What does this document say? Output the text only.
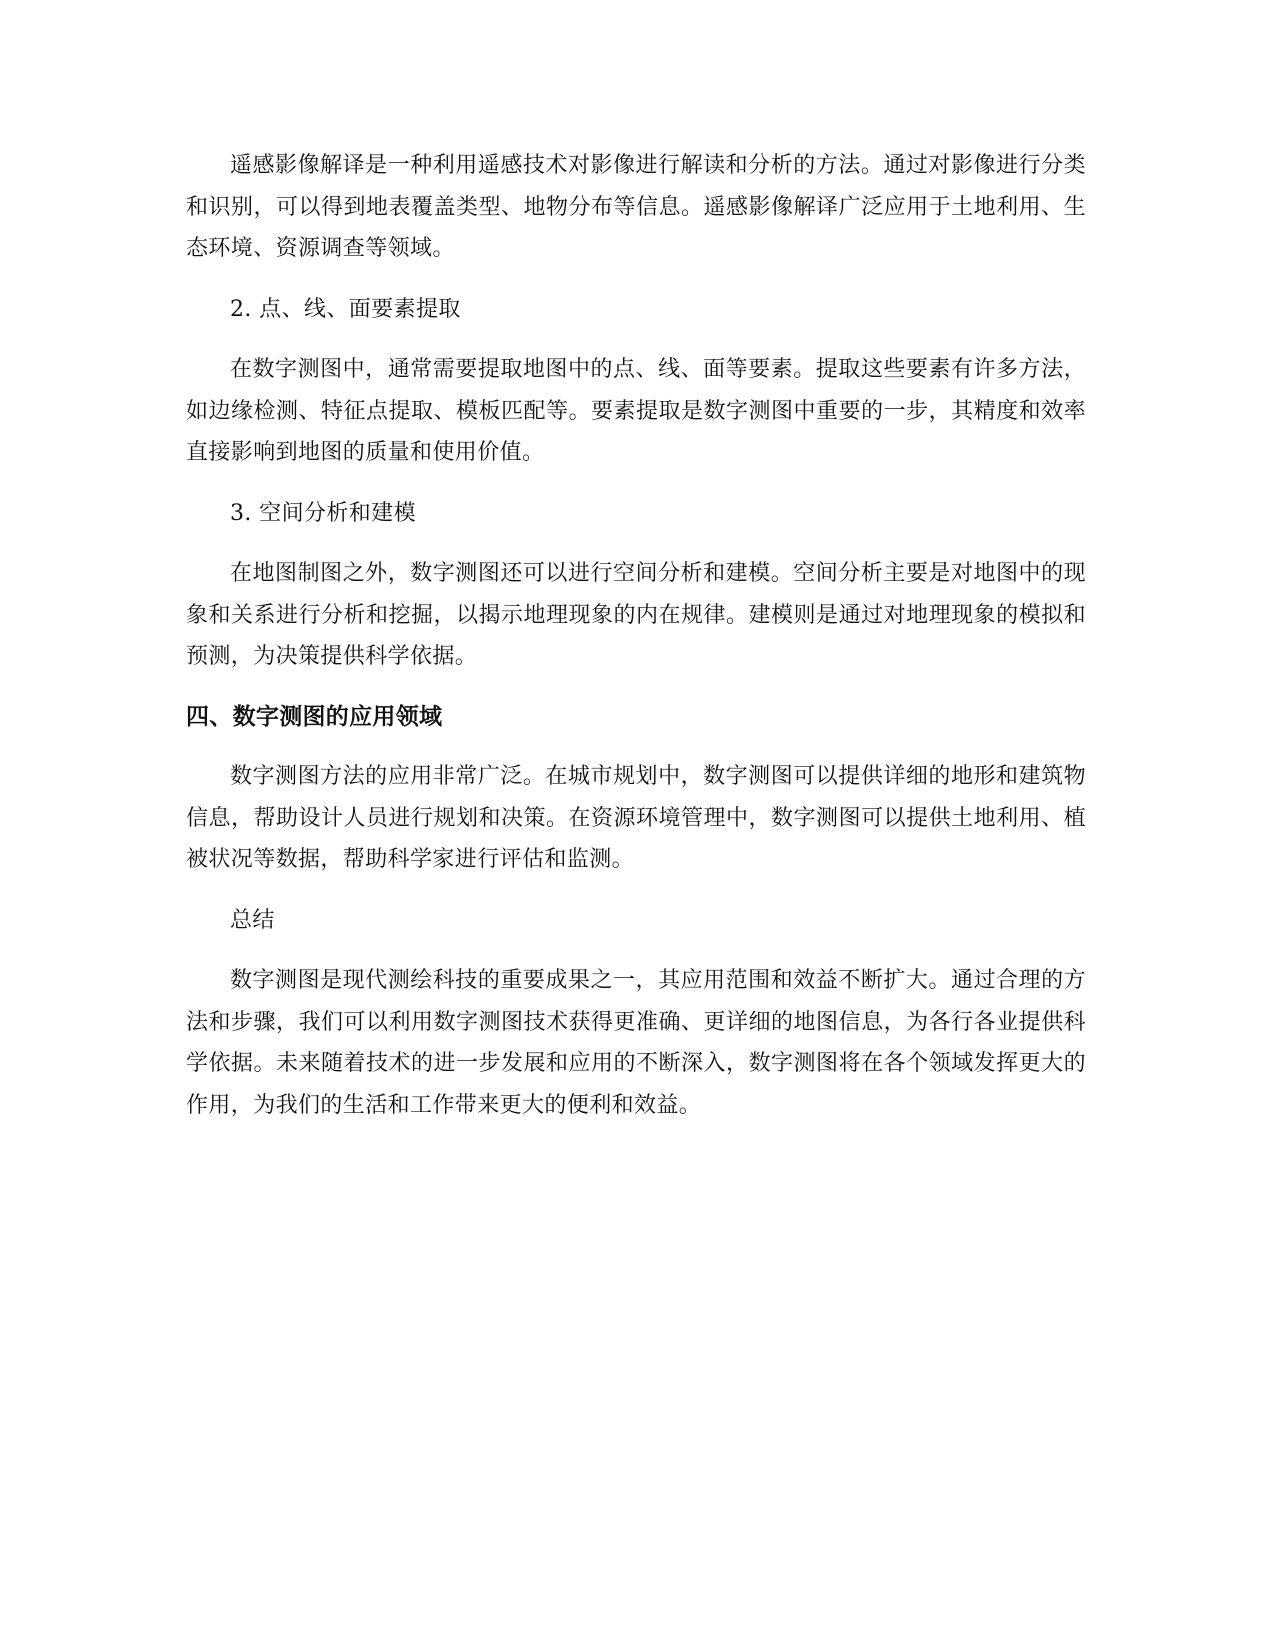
遥感影像解译是一种利用遥感技术对影像进行解读和分析的方法。通过对影像进行分类和识别，可以得到地表覆盖类型、地物分布等信息。遥感影像解译广泛应用于土地利用、生态环境、资源调查等领域。

2. 点、线、面要素提取

在数字测图中，通常需要提取地图中的点、线、面等要素。提取这些要素有许多方法，如边缘检测、特征点提取、模板匹配等。要素提取是数字测图中重要的一步，其精度和效率直接影响到地图的质量和使用价值。

3. 空间分析和建模

在地图制图之外，数字测图还可以进行空间分析和建模。空间分析主要是对地图中的现象和关系进行分析和挖掘，以揭示地理现象的内在规律。建模则是通过对地理现象的模拟和预测，为决策提供科学依据。

四、数字测图的应用领域

数字测图方法的应用非常广泛。在城市规划中，数字测图可以提供详细的地形和建筑物信息，帮助设计人员进行规划和决策。在资源环境管理中，数字测图可以提供土地利用、植被状况等数据，帮助科学家进行评估和监测。

总结

数字测图是现代测绘科技的重要成果之一，其应用范围和效益不断扩大。通过合理的方法和步骤，我们可以利用数字测图技术获得更准确、更详细的地图信息，为各行各业提供科学依据。未来随着技术的进一步发展和应用的不断深入，数字测图将在各个领域发挥更大的作用，为我们的生活和工作带来更大的便利和效益。
